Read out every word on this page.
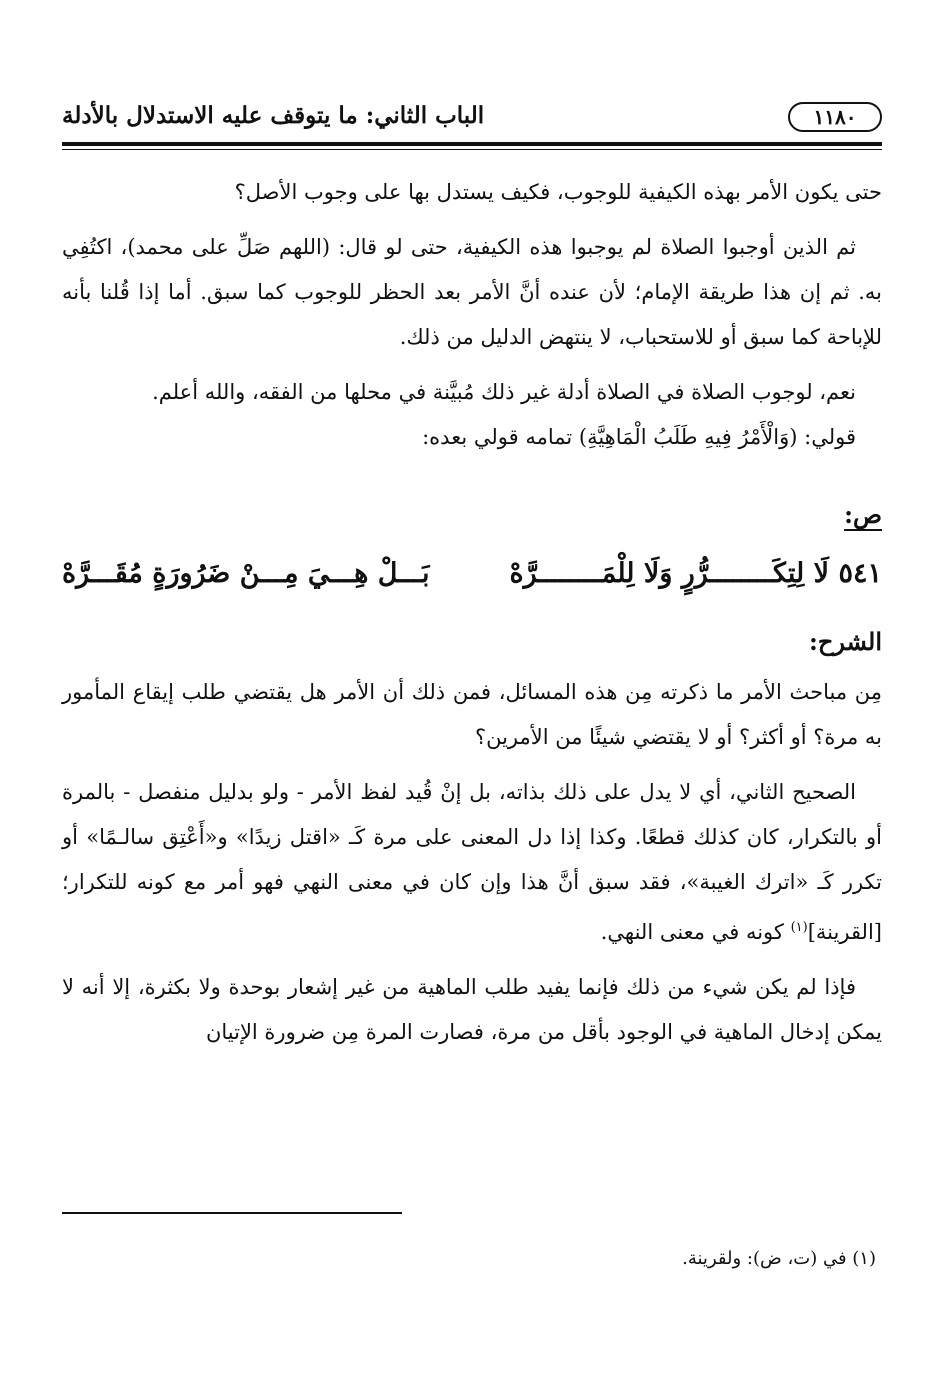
١١٨٠
الباب الثاني: ما يتوقف عليه الاستدلال بالأدلة

حتى يكون الأمر بهذه الكيفية للوجوب، فكيف يستدل بها على وجوب الأصل؟

ثم الذين أوجبوا الصلاة لم يوجبوا هذه الكيفية، حتى لو قال: (اللهم صَلِّ على محمد)، اكتُفِي به. ثم إن هذا طريقة الإمام؛ لأن عنده أنَّ الأمر بعد الحظر للوجوب كما سبق. أما إذا قُلنا بأنه للإباحة كما سبق أو للاستحباب، لا ينتهض الدليل من ذلك.

نعم، لوجوب الصلاة في الصلاة أدلة غير ذلك مُبيَّنة في محلها من الفقه، والله أعلم.

قولي: (وَالْأَمْرُ فِيهِ طَلَبُ الْمَاهِيَّةِ) تمامه قولي بعده:

ص:
٥٤١ لَا لِتِكَــــــــرُّرٍ وَلَا لِلْمَــــــــرَّهْ
بَـــلْ هِـــيَ مِـــنْ ضَرُورَةٍ مُقَـــرَّهْ
الشرح:

مِن مباحث الأمر ما ذكرته مِن هذه المسائل، فمن ذلك أن الأمر هل يقتضي طلب إيقاع المأمور به مرة؟ أو أكثر؟ أو لا يقتضي شيئًا من الأمرين؟

الصحيح الثاني، أي لا يدل على ذلك بذاته، بل إنْ قُيد لفظ الأمر - ولو بدليل منفصل - بالمرة أو بالتكرار، كان كذلك قطعًا. وكذا إذا دل المعنى على مرة كَـ «اقتل زيدًا» و«أَعْتِق سالـمًا» أو تكرر كَـ «اترك الغيبة»، فقد سبق أنَّ هذا وإن كان في معنى النهي فهو أمر مع كونه للتكرار؛ [القرينة]$^{(١)}$ كونه في معنى النهي.

فإذا لم يكن شيء من ذلك فإنما يفيد طلب الماهية من غير إشعار بوحدة ولا بكثرة، إلا أنه لا يمكن إدخال الماهية في الوجود بأقل من مرة، فصارت المرة مِن ضرورة الإتيان

(١) في (ت، ض): ولقرينة.
